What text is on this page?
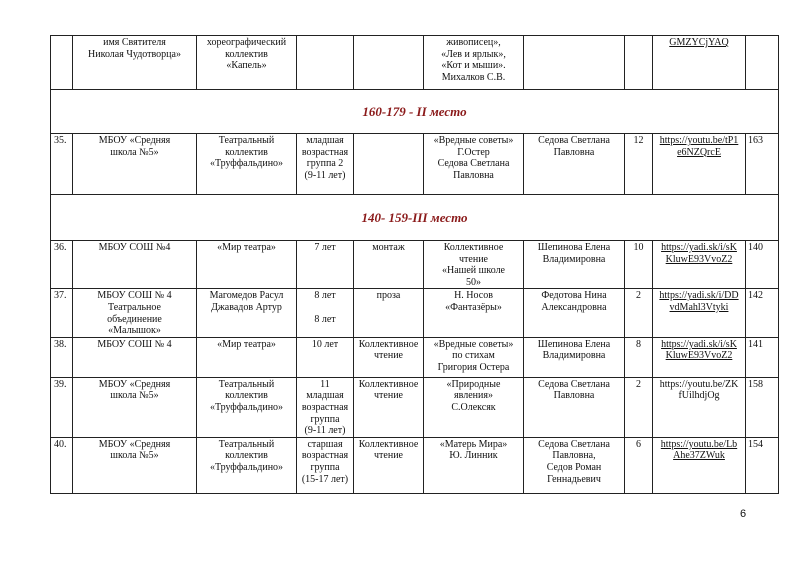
	имя Святителя
Николая Чудотворца»	хореографический
коллектив
«Капель»			живописец»,
«Лев и ярлык»,
«Кот и мыши».
Михалков С.В.			GMZYCjYAQ	
160-179 - II место									
35.	МБОУ «Средняя
школа №5»	Театральный
коллектив
«Труффальдино»	младшая
возрастная
группа 2
(9-11 лет)		«Вредные советы»
Г.Остер
Седова Светлана
Павловна	Седова Светлана
Павловна	12	https://youtu.be/tP1
e6NZQrcE	163
140- 159-III место									
36.	МБОУ СОШ №4	«Мир театра»	7 лет	монтаж	Коллективное
чтение
«Нашей школе
50»	Шепинова Елена
Владимировна	10	https://yadi.sk/i/sK
KluwE93VvoZ2	140
37.	МБОУ СОШ № 4
Театральное
объединение
«Малышок»	Магомедов Расул
Джавадов Артур	8 лет

8 лет	проза	Н. Носов
«Фантазёры»	Федотова Нина
Александровна	2	https://yadi.sk/i/DD
vdMahl3Vtyki	142
38.	МБОУ СОШ № 4	«Мир театра»	10 лет	Коллективное
чтение	«Вредные советы»
по стихам
Григория Остера	Шепинова Елена
Владимировна	8	https://yadi.sk/i/sK
KluwE93VvoZ2	141
39.	МБОУ «Средняя
школа №5»	Театральный
коллектив
«Труффальдино»	11
младшая
возрастная
группа
(9-11 лет)	Коллективное
чтение	«Природные
явления»
С.Олексяк	Седова Светлана
Павловна	2	https://youtu.be/ZK
fUilhdjOg	158
40.	МБОУ «Средняя
школа №5»	Театральный
коллектив
«Труффальдино»	старшая
возрастная
группа
(15-17 лет)	Коллективное
чтение	«Матерь Мира»
Ю. Линник	Седова Светлана
Павловна,
Седов Роман
Геннадьевич	6	https://youtu.be/Lb
Ahe37ZWuk	154
6
